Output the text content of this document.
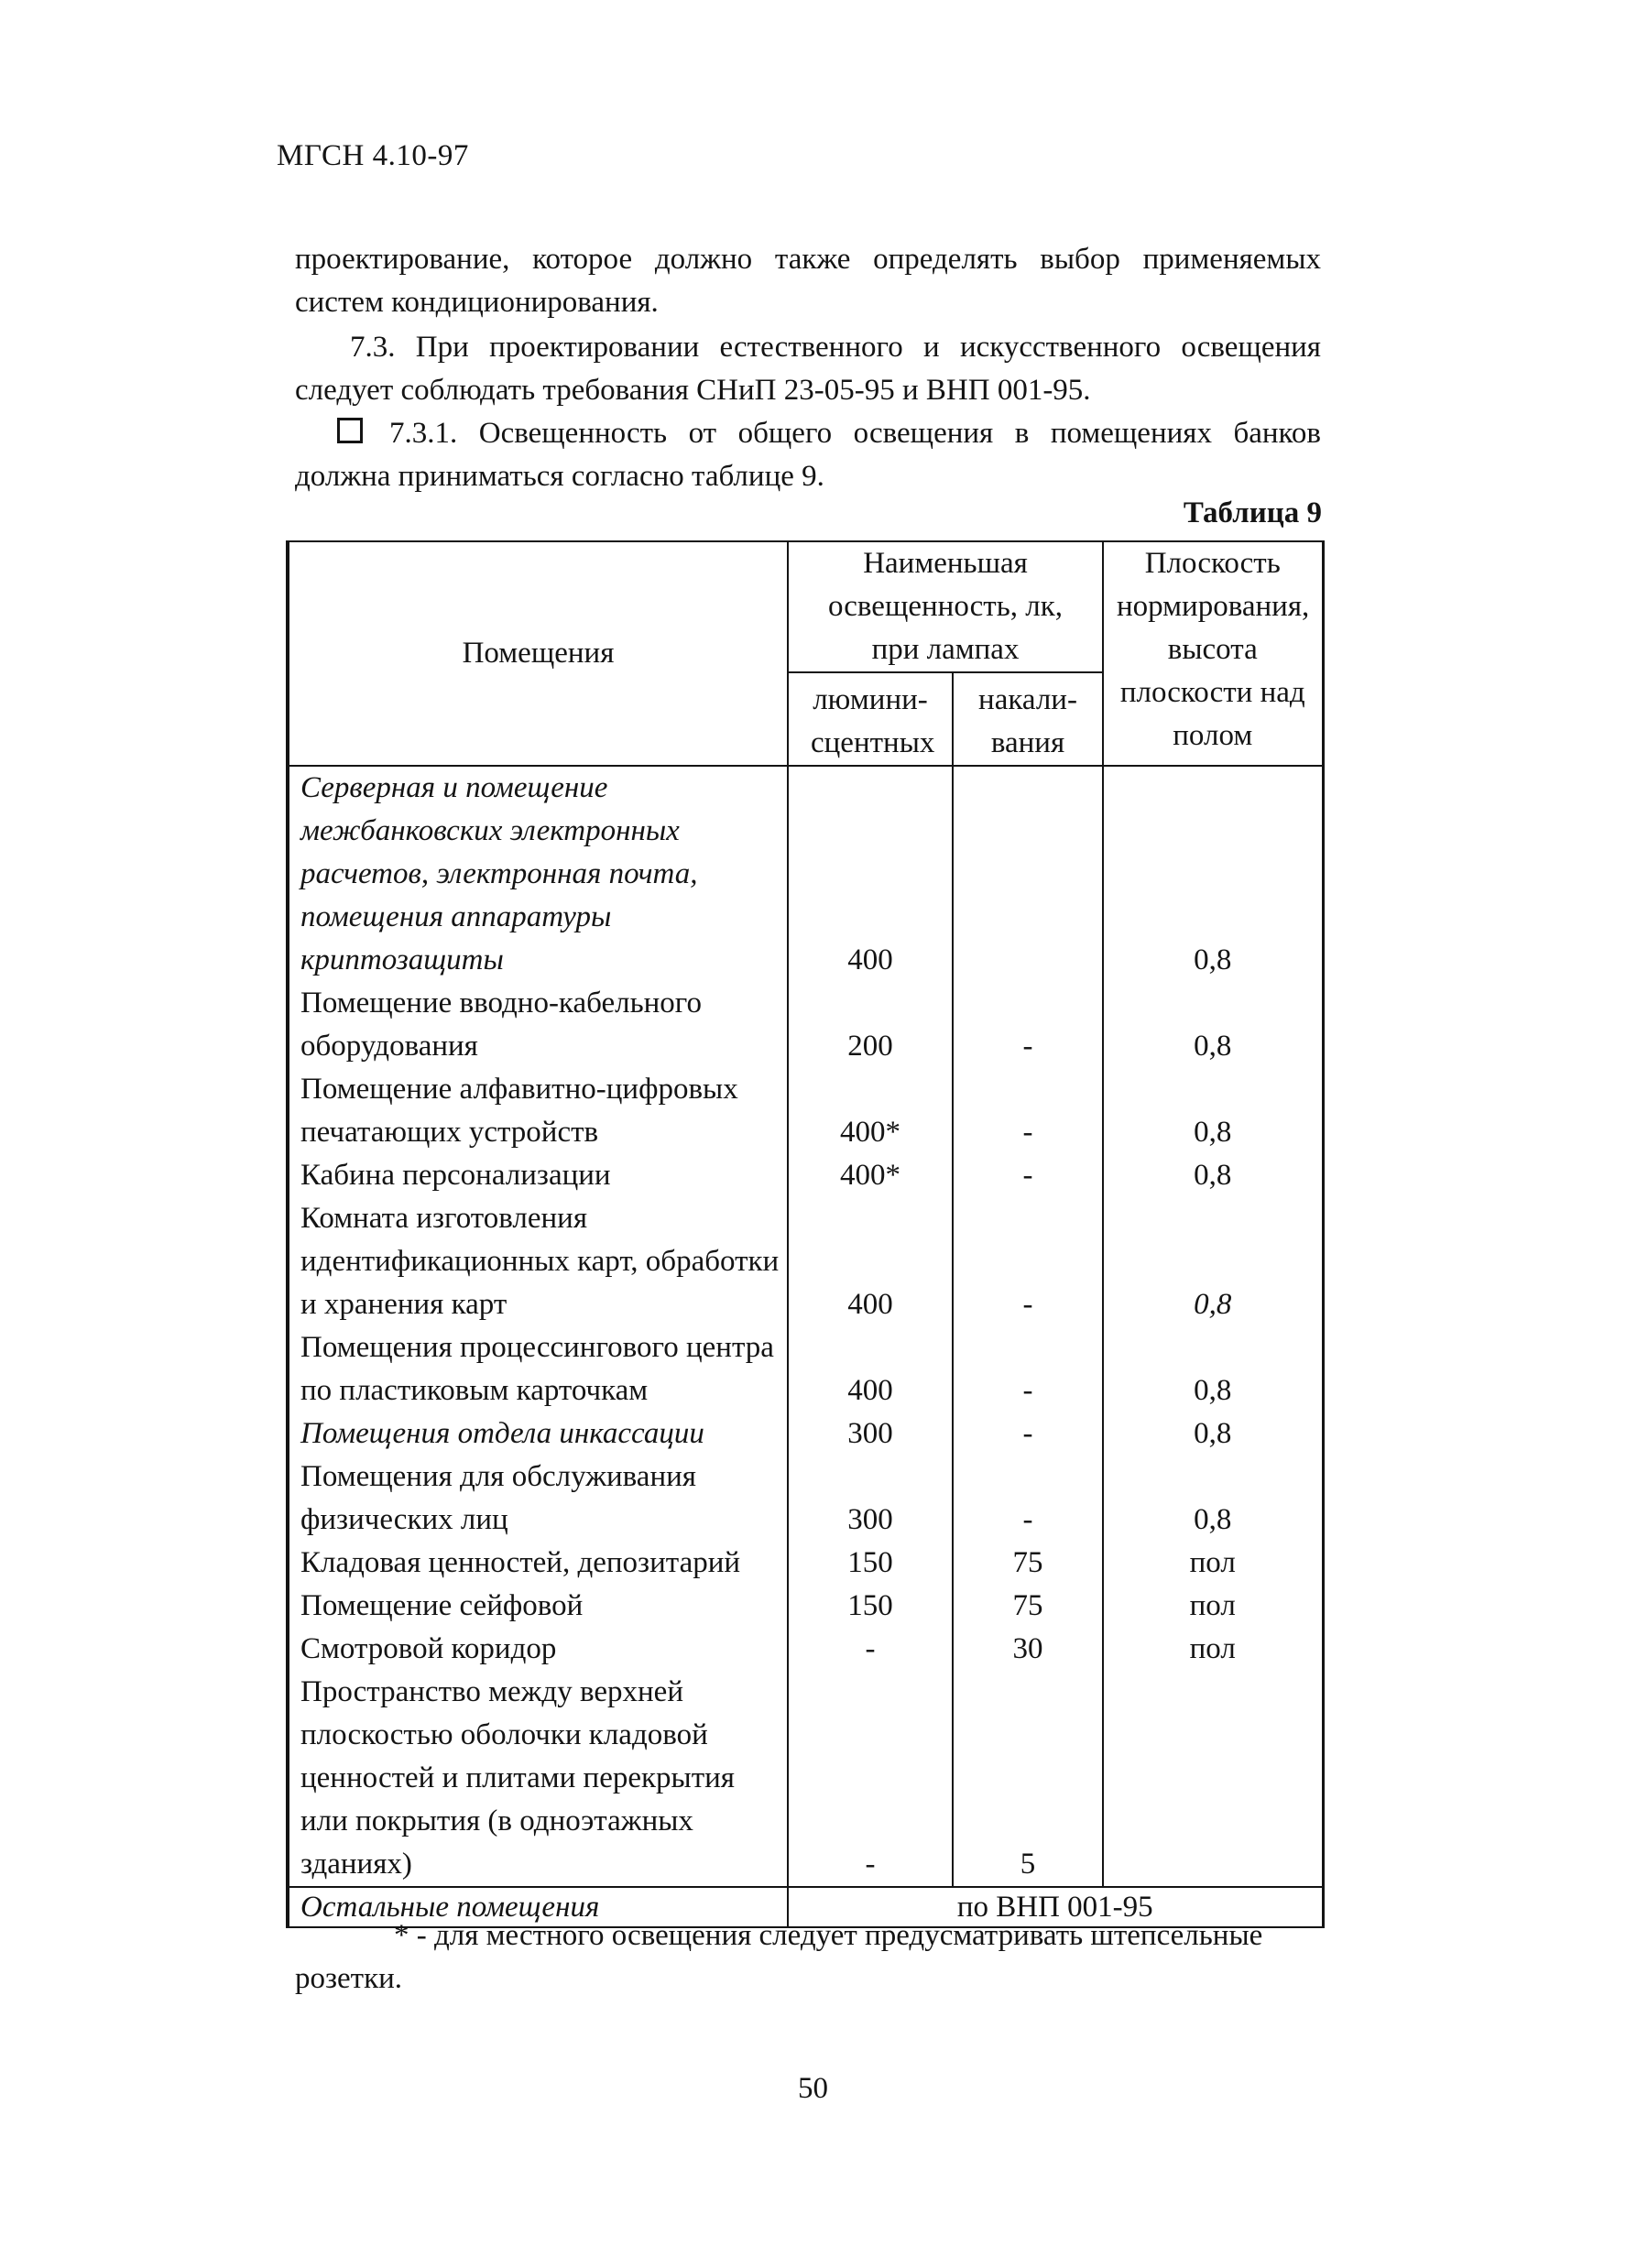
МГСН 4.10-97

проектирование, которое должно также определять выбор применяемых систем кондиционирования.

7.3. При проектировании естественного и искусственного освещения следует соблюдать требования СНиП 23-05-95 и ВНП 001-95.

7.3.1. Освещенность от общего освещения в помещениях банков должна приниматься согласно таблице 9.

Таблица 9
Помещения	Наименьшая освещенность, лк, при лампах		Плоскость нормирования, высота плоскости над полом
	люмини- сцентных	накали- вания	
Серверная и помещение межбанковских электронных расчетов, электронная почта, помещения аппаратуры криптозащиты	400		0,8
Помещение вводно-кабельного оборудования	200	-	0,8
Помещение алфавитно-цифровых печатающих устройств	400*	-	0,8
Кабина персонализации	400*	-	0,8
Комната изготовления идентификационных карт, обработки и хранения карт	400	-	0,8
Помещения процессингового центра по пластиковым карточкам	400	-	0,8
Помещения отдела инкассации	300	-	0,8
Помещения для обслуживания физических лиц	300	-	0,8
Кладовая ценностей, депозитарий	150	75	пол
Помещение сейфовой	150	75	пол
Смотровой коридор	-	30	пол
Пространство между верхней плоскостью оболочки кладовой ценностей и плитами перекрытия или покрытия (в одноэтажных зданиях)	-	5	
Остальные помещения	по ВНП 001-95		

* - для местного освещения следует предусматривать штепсельные розетки.

50
